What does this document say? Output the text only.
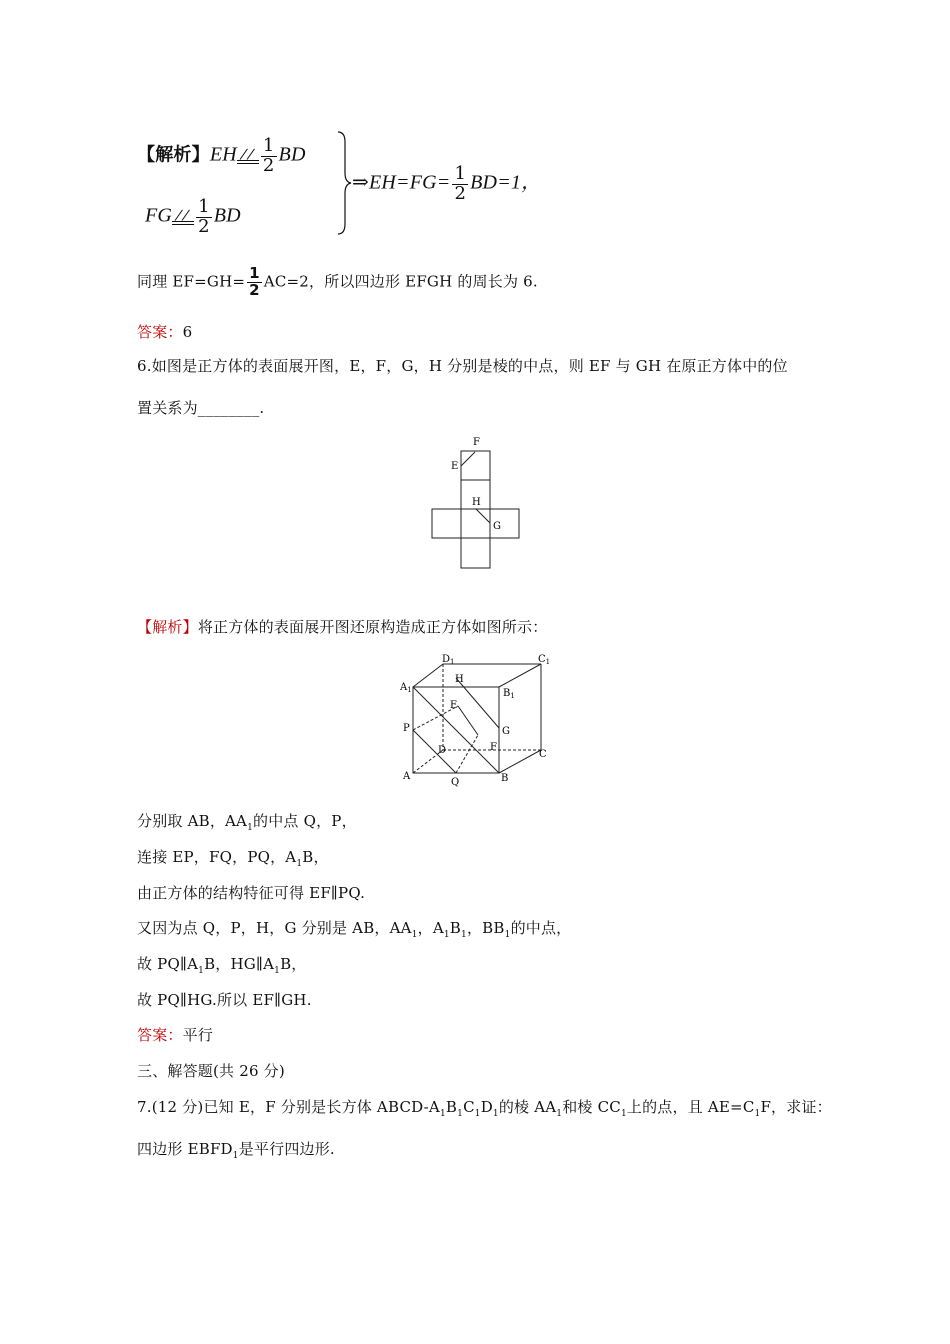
【解析】EH $\frac{1}{2}$ BD
FG $\frac{1}{2}$ BD
⇒EH=FG= $\frac{1}{2} BD=1$，
同理 $EF=GH= \frac{1}{2} AC=2$，所以四边形 EFGH 的周长为 6.
答案：6
6.如图是正方体的表面展开图，E，F，G，H 分别是棱的中点，则 EF 与 GH 在原正方体中的位
置关系为________.
F
E
H
G
【解析】将正方体的表面展开图还原构造成正方体如图所示：
$D_1$	$C_1$
$A_1$
H
$B_1$
E
P	G
D	F
C
A
Q	B
分别取 AB，$AA_1$的中点 Q，P，
连接 EP，FQ，PQ，$A_1B$，
由正方体的结构特征可得 EF∥PQ.
又因为点 Q，P，H，G 分别是 AB，$AA_1$，$A_1B_1$，$BB_1$的中点，
故 $PQ\parallel A_1B$，$HG\parallel A_1B$，
故 PQ∥HG.所以 EF∥GH.
答案：平行
三、解答题(共 26 分)
7.(12 分)已知 E，F 分别是长方体 ABCD-$A_1B_1C_1D_1$的棱 $AA_1$和棱 $CC_1$上的点，且 $AE=C_1F$，求证：
四边形 $EBFD_1$是平行四边形.
